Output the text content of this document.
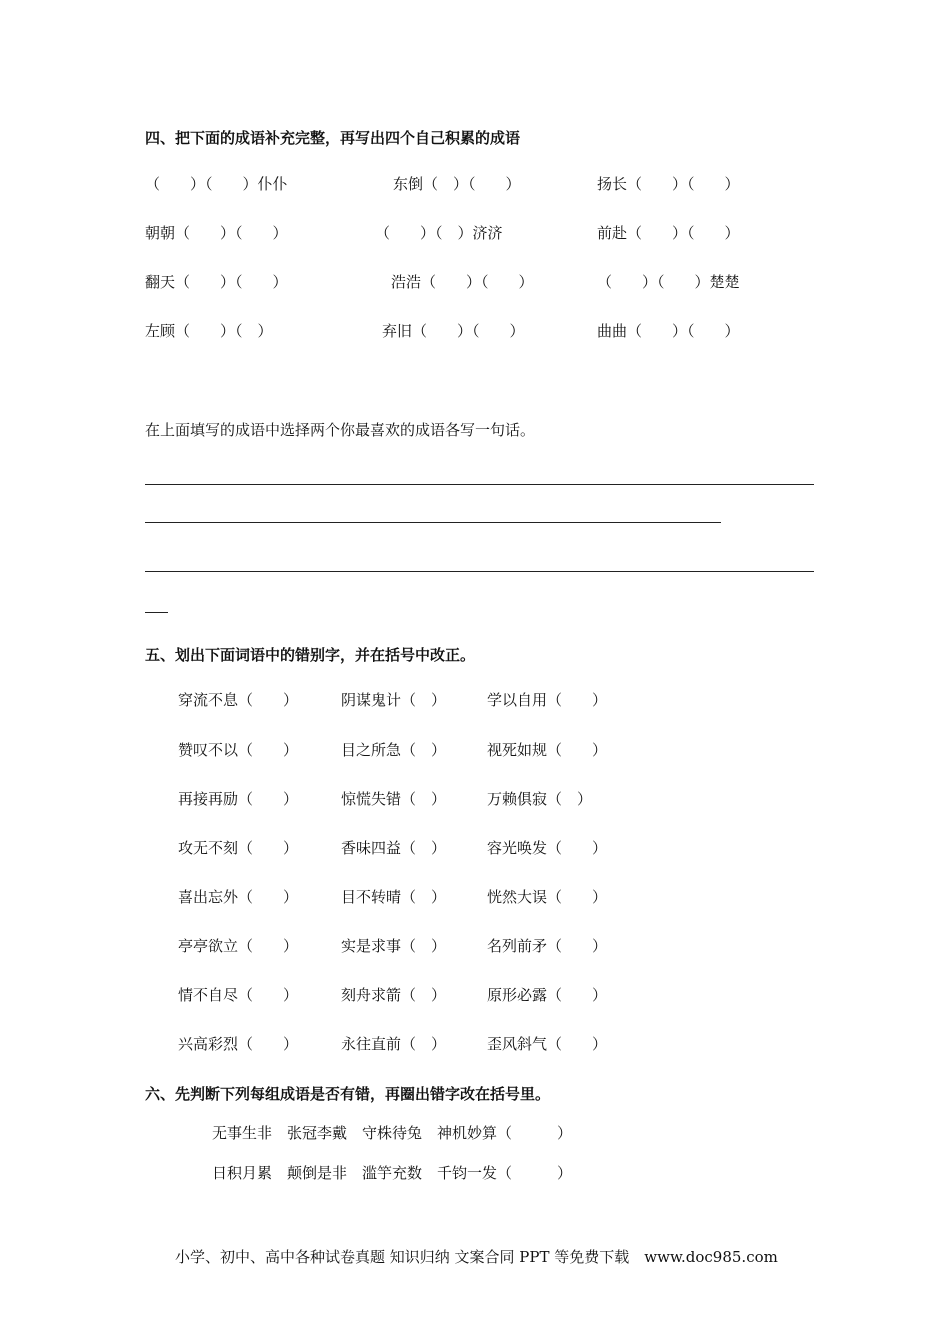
四、把下面的成语补充完整，再写出四个自己积累的成语
（　　）（　　）仆仆	东倒（　）（　　）	扬长（　　）（　　）
朝朝（　　）（　　）	（　　）（　）济济	前赴（　　）（　　）
翻天（　　）（　　）	浩浩（　　）（　　）	（　　）（　　）楚楚
左顾（　　）（　）	弃旧（　　）（　　）	曲曲（　　）（　　）
在上面填写的成语中选择两个你最喜欢的成语各写一句话。
五、划出下面词语中的错别字，并在括号中改正。
穿流不息（　　）	阴谋鬼计（　）	学以自用（　　）
赞叹不以（　　）	目之所急（　）	视死如规（　　）
再接再励（　　）	惊慌失错（　）	万赖俱寂（　）
攻无不刻（　　）	香味四益（　）	容光唤发（　　）
喜出忘外（　　）	目不转晴（　）	恍然大误（　　）
亭亭欲立（　　）	实是求事（　）	名列前矛（　　）
情不自尽（　　）	刻舟求箭（　）	原形必露（　　）
兴高彩烈（　　）	永往直前（　）	歪风斜气（　　）
六、先判断下列每组成语是否有错，再圈出错字改在括号里。
无事生非　张冠李戴　守株待兔　神机妙算（　　　）
日积月累　颠倒是非　滥竽充数　千钧一发（　　　）
小学、初中、高中各种试卷真题 知识归纳 文案合同 PPT 等免费下载　www.doc985.com
